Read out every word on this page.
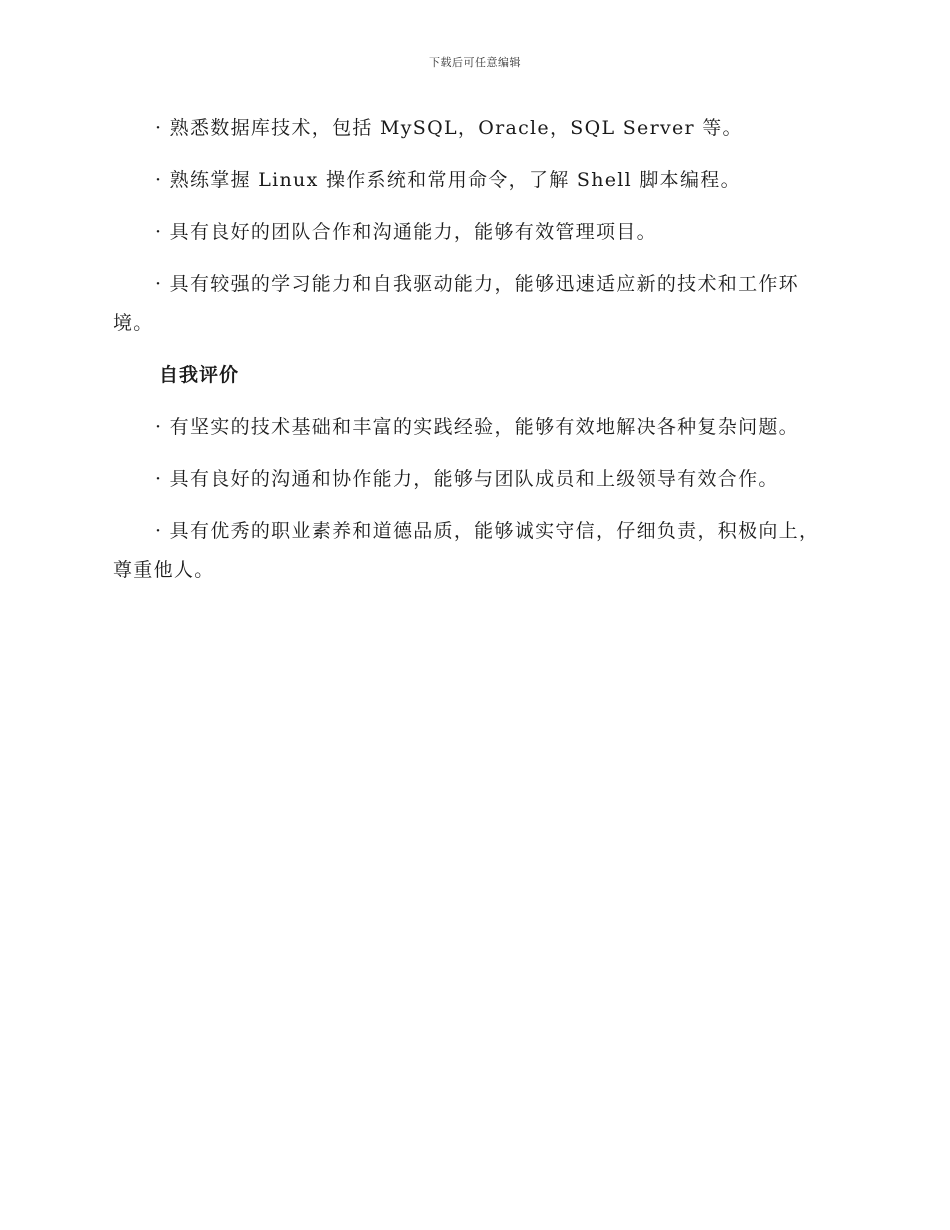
下载后可任意编辑

· 熟悉数据库技术，包括 MySQL，Oracle，SQL Server 等。

· 熟练掌握 Linux 操作系统和常用命令，了解 Shell 脚本编程。

· 具有良好的团队合作和沟通能力，能够有效管理项目。

· 具有较强的学习能力和自我驱动能力，能够迅速适应新的技术和工作环境。

自我评价

· 有坚实的技术基础和丰富的实践经验，能够有效地解决各种复杂问题。

· 具有良好的沟通和协作能力，能够与团队成员和上级领导有效合作。

· 具有优秀的职业素养和道德品质，能够诚实守信，仔细负责，积极向上，尊重他人。
